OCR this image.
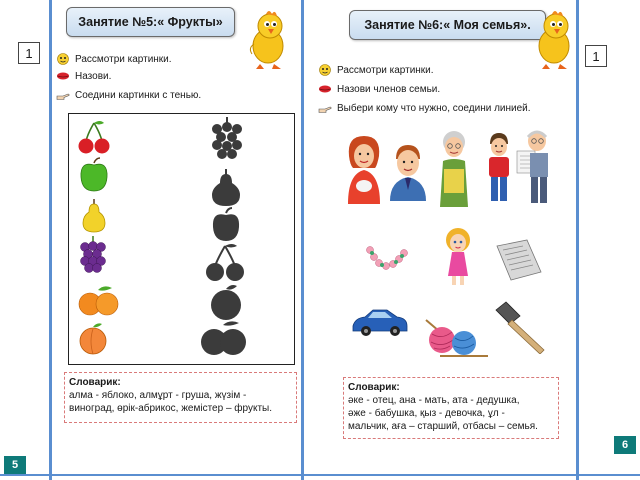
Занятие №5:« Фрукты»
1	Рассмотри картинки.
Назови.
Соедини картинки с тенью.
Словарик:
алма - яблоко, алмұрт - груша, жүзім -
виноград, өрік-абрикос, жемістер – фрукты.
5
Занятие №6:« Моя семья».
1
Рассмотри картинки.
Назови членов семьи.
Выбери кому что нужно, соедини линией.
Словарик:
әке - отец, ана - мать, ата - дедушка,
әже - бабушка, қыз - девочка, ұл -
мальчик, аға – старший, отбасы – семья.
6
